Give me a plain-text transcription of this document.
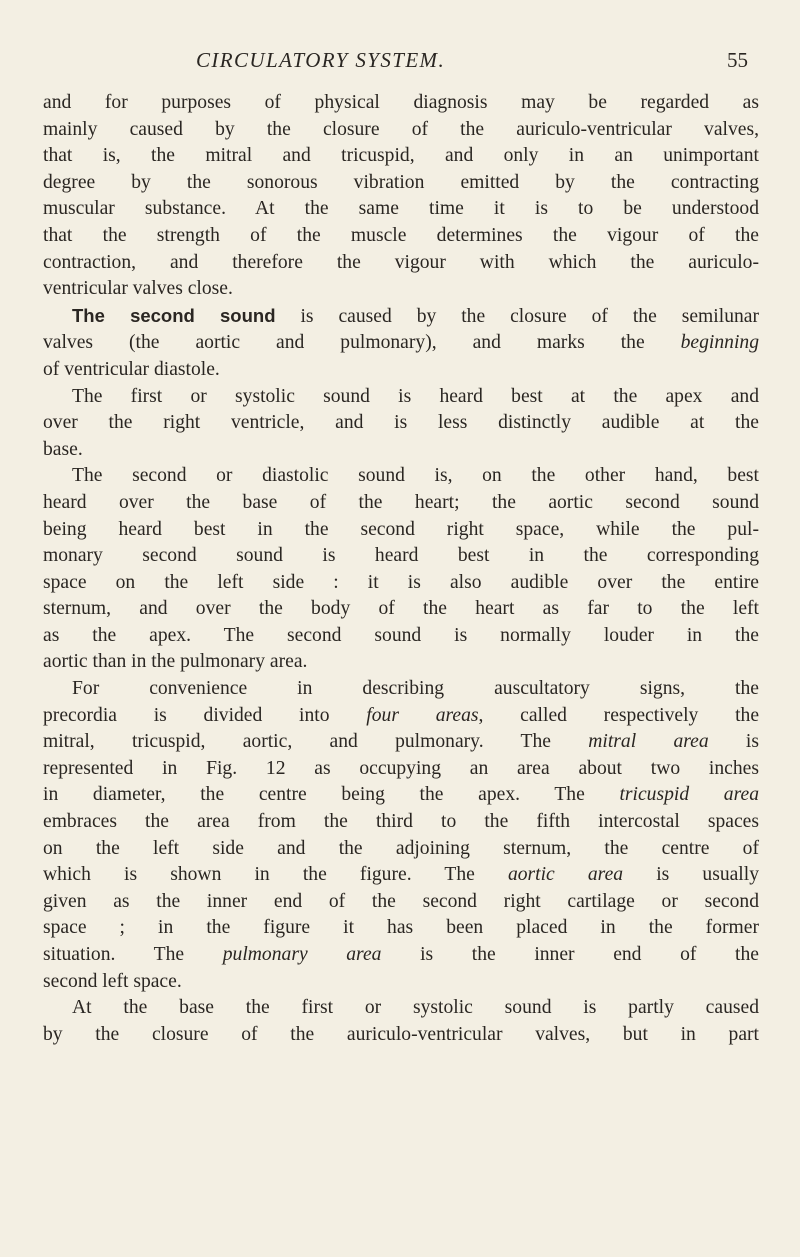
CIRCULATORY SYSTEM.	55
and for purposes of physical diagnosis may be regarded as
mainly caused by the closure of the auriculo-ventricular valves,
that is, the mitral and tricuspid, and only in an unimportant
degree by the sonorous vibration emitted by the contracting
muscular substance. At the same time it is to be understood
that the strength of the muscle determines the vigour of the
contraction, and therefore the vigour with which the auriculo-
ventricular valves close.
The second sound is caused by the closure of the semilunar
valves (the aortic and pulmonary), and marks the beginning
of ventricular diastole.
The first or systolic sound is heard best at the apex and
over the right ventricle, and is less distinctly audible at the
base.
The second or diastolic sound is, on the other hand, best
heard over the base of the heart; the aortic second sound
being heard best in the second right space, while the pul-
monary second sound is heard best in the corresponding
space on the left side : it is also audible over the entire
sternum, and over the body of the heart as far to the left
as the apex. The second sound is normally louder in the
aortic than in the pulmonary area.
For convenience in describing auscultatory signs, the
precordia is divided into four areas, called respectively the
mitral, tricuspid, aortic, and pulmonary. The mitral area is
represented in Fig. 12 as occupying an area about two inches
in diameter, the centre being the apex. The tricuspid area
embraces the area from the third to the fifth intercostal spaces
on the left side and the adjoining sternum, the centre of
which is shown in the figure. The aortic area is usually
given as the inner end of the second right cartilage or second
space ; in the figure it has been placed in the former
situation. The pulmonary area is the inner end of the
second left space.
At the base the first or systolic sound is partly caused
by the closure of the auriculo-ventricular valves, but in part
